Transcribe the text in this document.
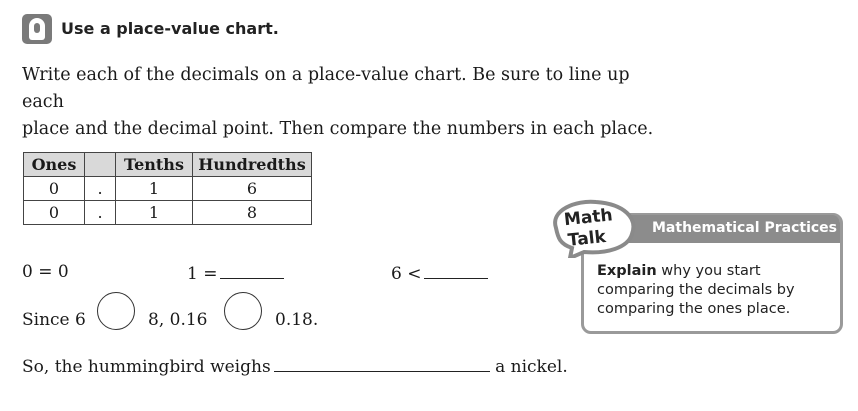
Use a place-value chart.
Write each of the decimals on a place-value chart. Be sure to line up each
place and the decimal point. Then compare the numbers in each place.
Ones		Tenths	Hundredths
0	.	1	6
0	.	1	8
0 = 0	1 =	6 <
Since 6	8, 0.16	0.18.
So, the hummingbird weighs	a nickel.
Mathematical Practices
Math
Talk
Explain why you start
comparing the decimals by
comparing the ones place.
